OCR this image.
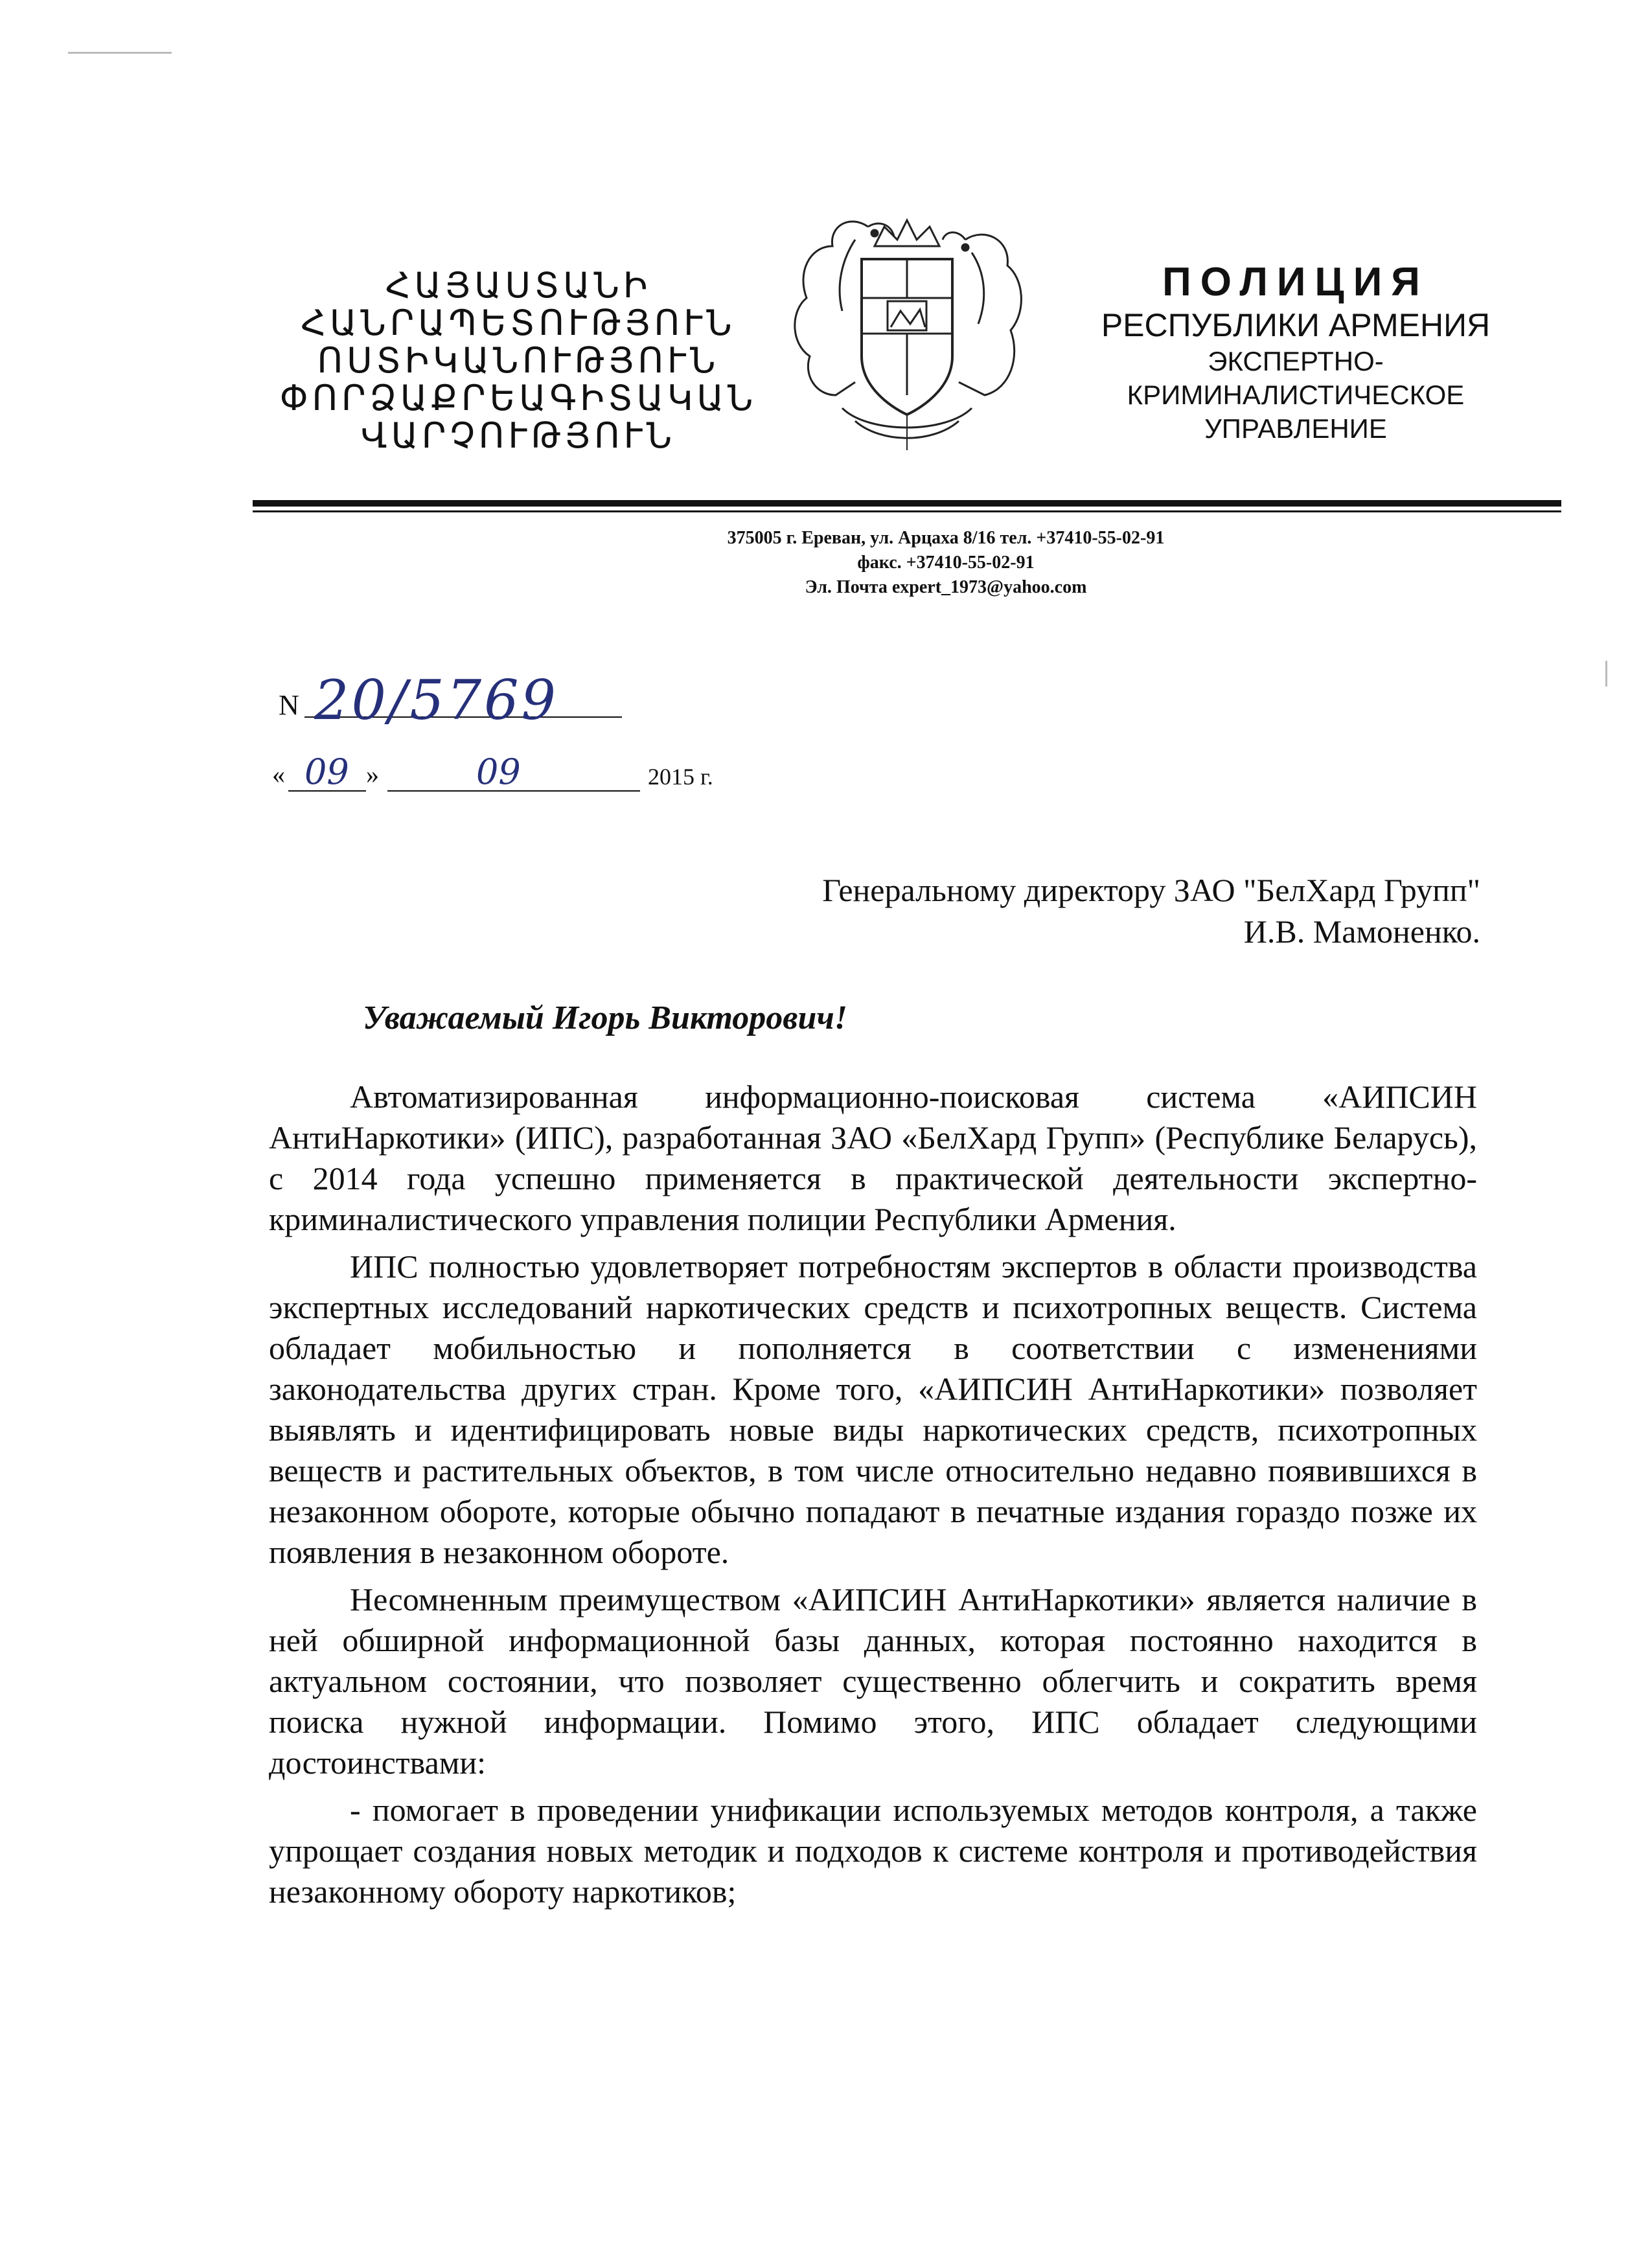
ՀԱՅԱՍՏԱՆԻ
ՀԱՆՐԱՊԵՏՈՒԹՅՈՒՆ
ՈՍՏԻԿԱՆՈՒԹՅՈՒՆ
ՓՈՐՁԱՔՐԵԱԳԻՏԱԿԱՆ
ՎԱՐՉՈՒԹՅՈՒՆ
ПОЛИЦИЯ
РЕСПУБЛИКИ АРМЕНИЯ
ЭКСПЕРТНО-
КРИМИНАЛИСТИЧЕСКОЕ
УПРАВЛЕНИЕ
375005 г. Ереван, ул. Арцаха 8/16 тел. +37410-55-02-91
факс. +37410-55-02-91
Эл. Почта expert_1973@yahoo.com
N 20/5769
« 09 »	09	2015 г.
Генеральному директору ЗАО "БелХард Групп"
И.В. Мамоненко.
Уважаемый Игорь Викторович!

Автоматизированная информационно-поисковая система «АИПСИН АнтиНаркотики» (ИПС), разработанная ЗАО «БелХард Групп» (Республике Беларусь), с 2014 года успешно применяется в практической деятельности экспертно-криминалистического управления полиции Республики Армения.

ИПС полностью удовлетворяет потребностям экспертов в области производства экспертных исследований наркотических средств и психотропных веществ. Система обладает мобильностью и пополняется в соответствии с изменениями законодательства других стран. Кроме того, «АИПСИН АнтиНаркотики» позволяет выявлять и идентифицировать новые виды наркотических средств, психотропных веществ и растительных объектов, в том числе относительно недавно появившихся в незаконном обороте, которые обычно попадают в печатные издания гораздо позже их появления в незаконном обороте.

Несомненным преимуществом «АИПСИН АнтиНаркотики» является наличие в ней обширной информационной базы данных, которая постоянно находится в актуальном состоянии, что позволяет существенно облегчить и сократить время поиска нужной информации. Помимо этого, ИПС обладает следующими достоинствами:

- помогает в проведении унификации используемых методов контроля, а также упрощает создания новых методик и подходов к системе контроля и противодействия незаконному обороту наркотиков;
